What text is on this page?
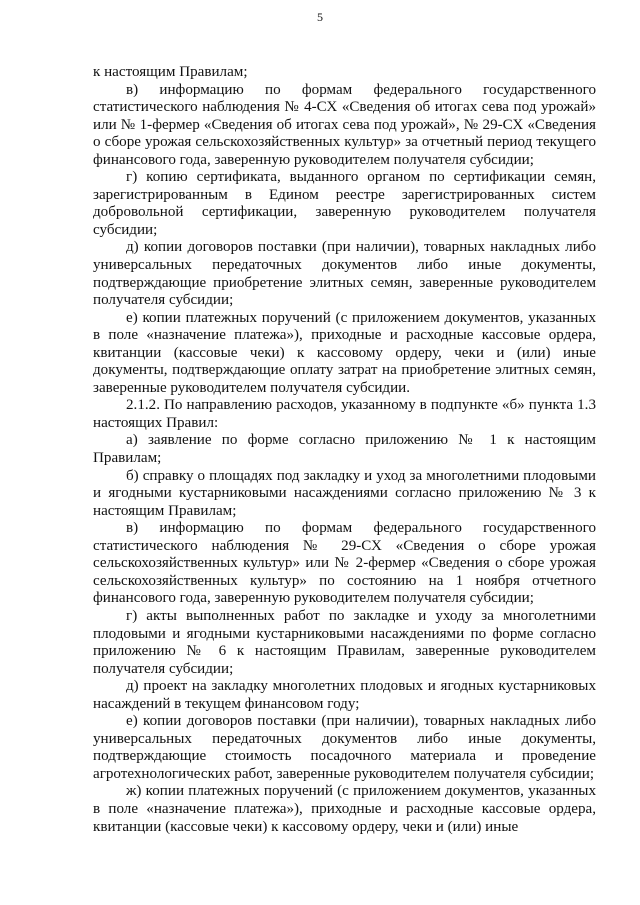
5

к настоящим Правилам;

в) информацию по формам федерального государственного статистического наблюдения № 4-СХ «Сведения об итогах сева под урожай» или № 1-фермер «Сведения об итогах сева под урожай», № 29-СХ «Сведения о сборе урожая сельскохозяйственных культур» за отчетный период текущего финансового года, заверенную руководителем получателя субсидии;

г) копию сертификата, выданного органом по сертификации семян, зарегистрированным в Едином реестре зарегистрированных систем добровольной сертификации, заверенную руководителем получателя субсидии;

д) копии договоров поставки (при наличии), товарных накладных либо универсальных передаточных документов либо иные документы, подтверждающие приобретение элитных семян, заверенные руководителем получателя субсидии;

е) копии платежных поручений (с приложением документов, указанных в поле «назначение платежа»), приходные и расходные кассовые ордера, квитанции (кассовые чеки) к кассовому ордеру, чеки и (или) иные документы, подтверждающие оплату затрат на приобретение элитных семян, заверенные руководителем получателя субсидии.

2.1.2. По направлению расходов, указанному в подпункте «б» пункта 1.3 настоящих Правил:

а) заявление по форме согласно приложению № 1 к настоящим Правилам;

б) справку о площадях под закладку и уход за многолетними плодовыми и ягодными кустарниковыми насаждениями согласно приложению № 3 к настоящим Правилам;

в) информацию по формам федерального государственного статистического наблюдения № 29-СХ «Сведения о сборе урожая сельскохозяйственных культур» или № 2-фермер «Сведения о сборе урожая сельскохозяйственных культур» по состоянию на 1 ноября отчетного финансового года, заверенную руководителем получателя субсидии;

г) акты выполненных работ по закладке и уходу за многолетними плодовыми и ягодными кустарниковыми насаждениями по форме согласно приложению № 6 к настоящим Правилам, заверенные руководителем получателя субсидии;

д) проект на закладку многолетних плодовых и ягодных кустарниковых насаждений в текущем финансовом году;

е) копии договоров поставки (при наличии), товарных накладных либо универсальных передаточных документов либо иные документы, подтверждающие стоимость посадочного материала и проведение агротехнологических работ, заверенные руководителем получателя субсидии;

ж) копии платежных поручений (с приложением документов, указанных в поле «назначение платежа»), приходные и расходные кассовые ордера, квитанции (кассовые чеки) к кассовому ордеру, чеки и (или) иные
